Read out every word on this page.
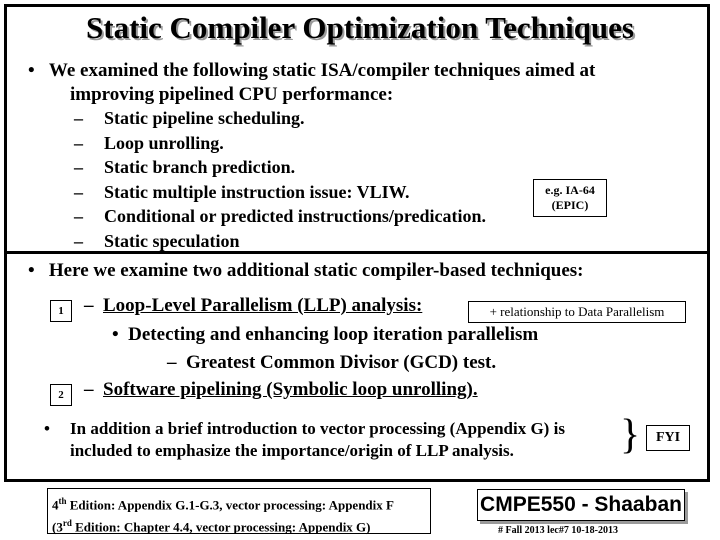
Static Compiler Optimization Techniques
• We examined the following static ISA/compiler techniques aimed at
improving pipelined CPU performance:
–	Static pipeline scheduling.
–	Loop unrolling.
–	Static branch prediction.
–	Static multiple instruction issue: VLIW.
–	Conditional or predicted instructions/predication.
–	Static speculation
e.g. IA-64
(EPIC)
• Here we examine two additional static compiler-based techniques:
1	– Loop-Level Parallelism (LLP) analysis:	+ relationship to Data Parallelism
• Detecting and enhancing loop iteration parallelism
– Greatest Common Divisor (GCD) test.
2	– Software pipelining (Symbolic loop unrolling).
• In addition a brief introduction to vector processing (Appendix G) is
included to emphasize the importance/origin of LLP analysis.	}	FYI
4th Edition: Appendix G.1-G.3, vector processing: Appendix F
(3rd Edition: Chapter 4.4, vector processing: Appendix G)
CMPE550 - Shaaban
# Fall 2013 lec#7 10-18-2013
